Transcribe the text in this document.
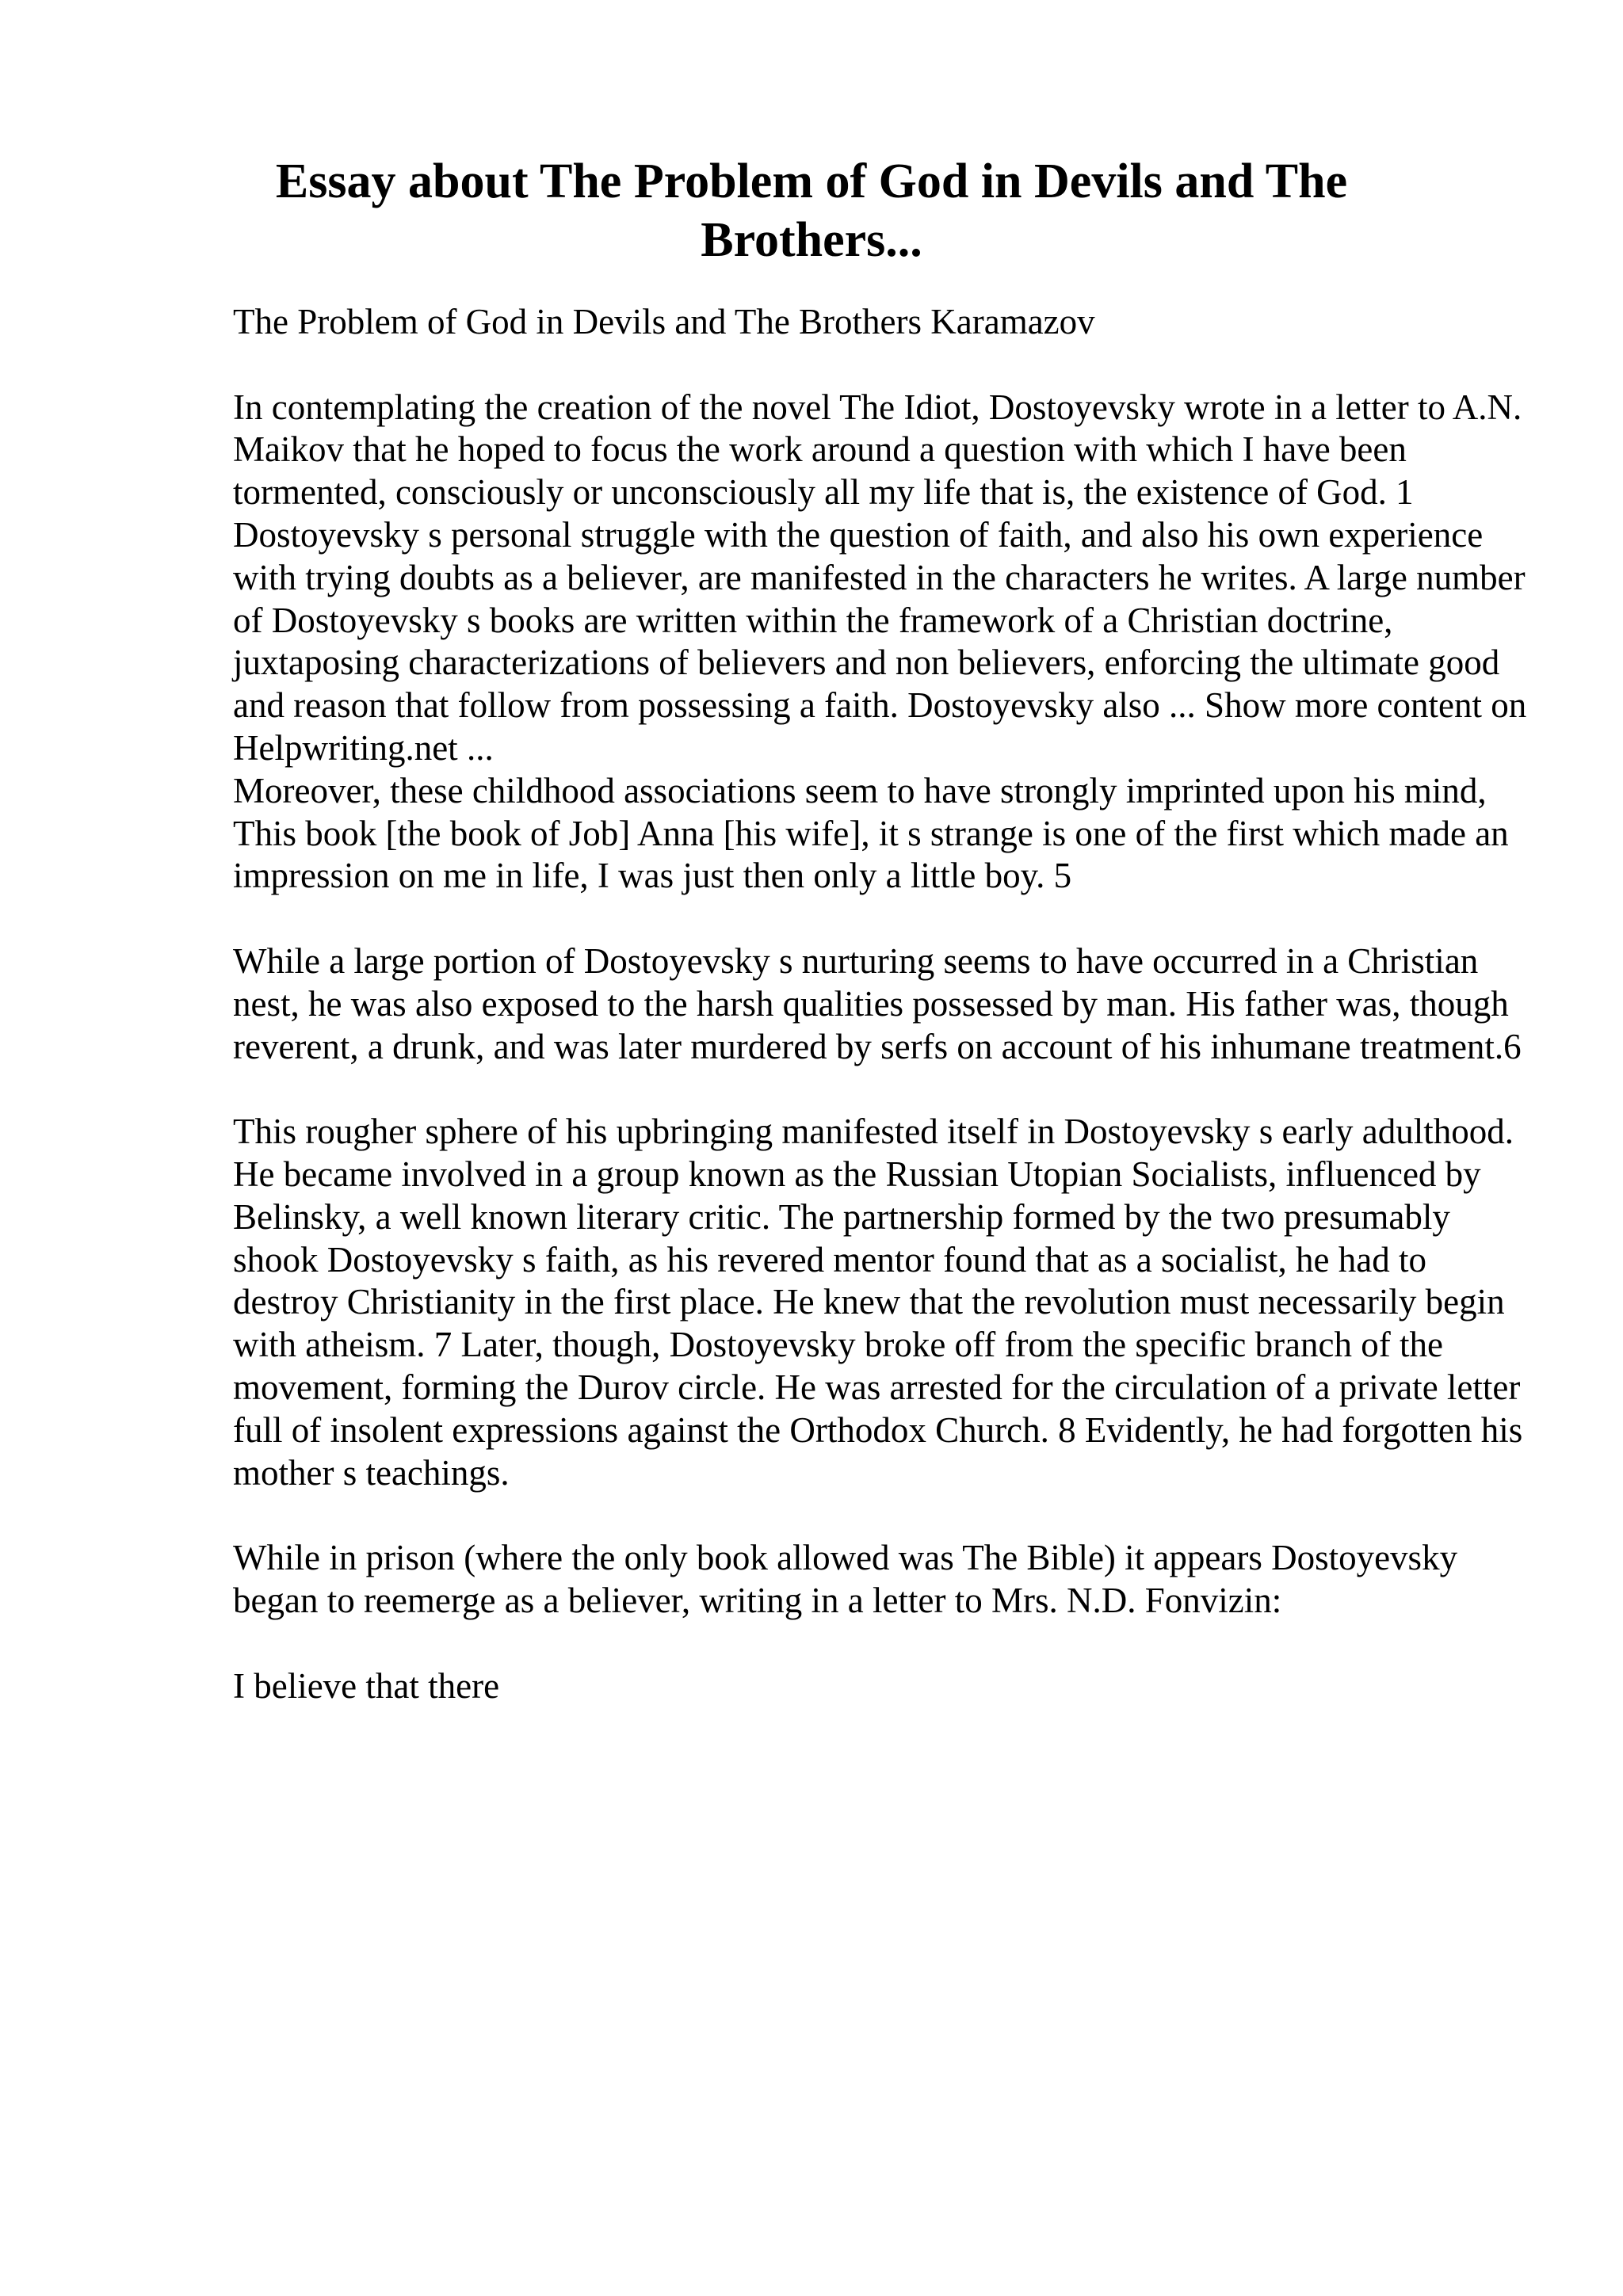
Essay about The Problem of God in Devils and The Brothers...

The Problem of God in Devils and The Brothers Karamazov

In contemplating the creation of the novel The Idiot, Dostoyevsky wrote in a letter to A.N. Maikov that he hoped to focus the work around a question with which I have been tormented, consciously or unconsciously all my life that is, the existence of God. 1 Dostoyevsky s personal struggle with the question of faith, and also his own experience with trying doubts as a believer, are manifested in the characters he writes. A large number of Dostoyevsky s books are written within the framework of a Christian doctrine, juxtaposing characterizations of believers and non believers, enforcing the ultimate good and reason that follow from possessing a faith. Dostoyevsky also ... Show more content on Helpwriting.net ...

Moreover, these childhood associations seem to have strongly imprinted upon his mind, This book [the book of Job] Anna [his wife], it s strange is one of the first which made an impression on me in life, I was just then only a little boy. 5

While a large portion of Dostoyevsky s nurturing seems to have occurred in a Christian nest, he was also exposed to the harsh qualities possessed by man. His father was, though reverent, a drunk, and was later murdered by serfs on account of his inhumane treatment.6

This rougher sphere of his upbringing manifested itself in Dostoyevsky s early adulthood. He became involved in a group known as the Russian Utopian Socialists, influenced by Belinsky, a well known literary critic. The partnership formed by the two presumably shook Dostoyevsky s faith, as his revered mentor found that as a socialist, he had to destroy Christianity in the first place. He knew that the revolution must necessarily begin with atheism. 7 Later, though, Dostoyevsky broke off from the specific branch of the movement, forming the Durov circle. He was arrested for the circulation of a private letter full of insolent expressions against the Orthodox Church. 8 Evidently, he had forgotten his mother s teachings.

While in prison (where the only book allowed was The Bible) it appears Dostoyevsky began to reemerge as a believer, writing in a letter to Mrs. N.D. Fonvizin:

I believe that there
